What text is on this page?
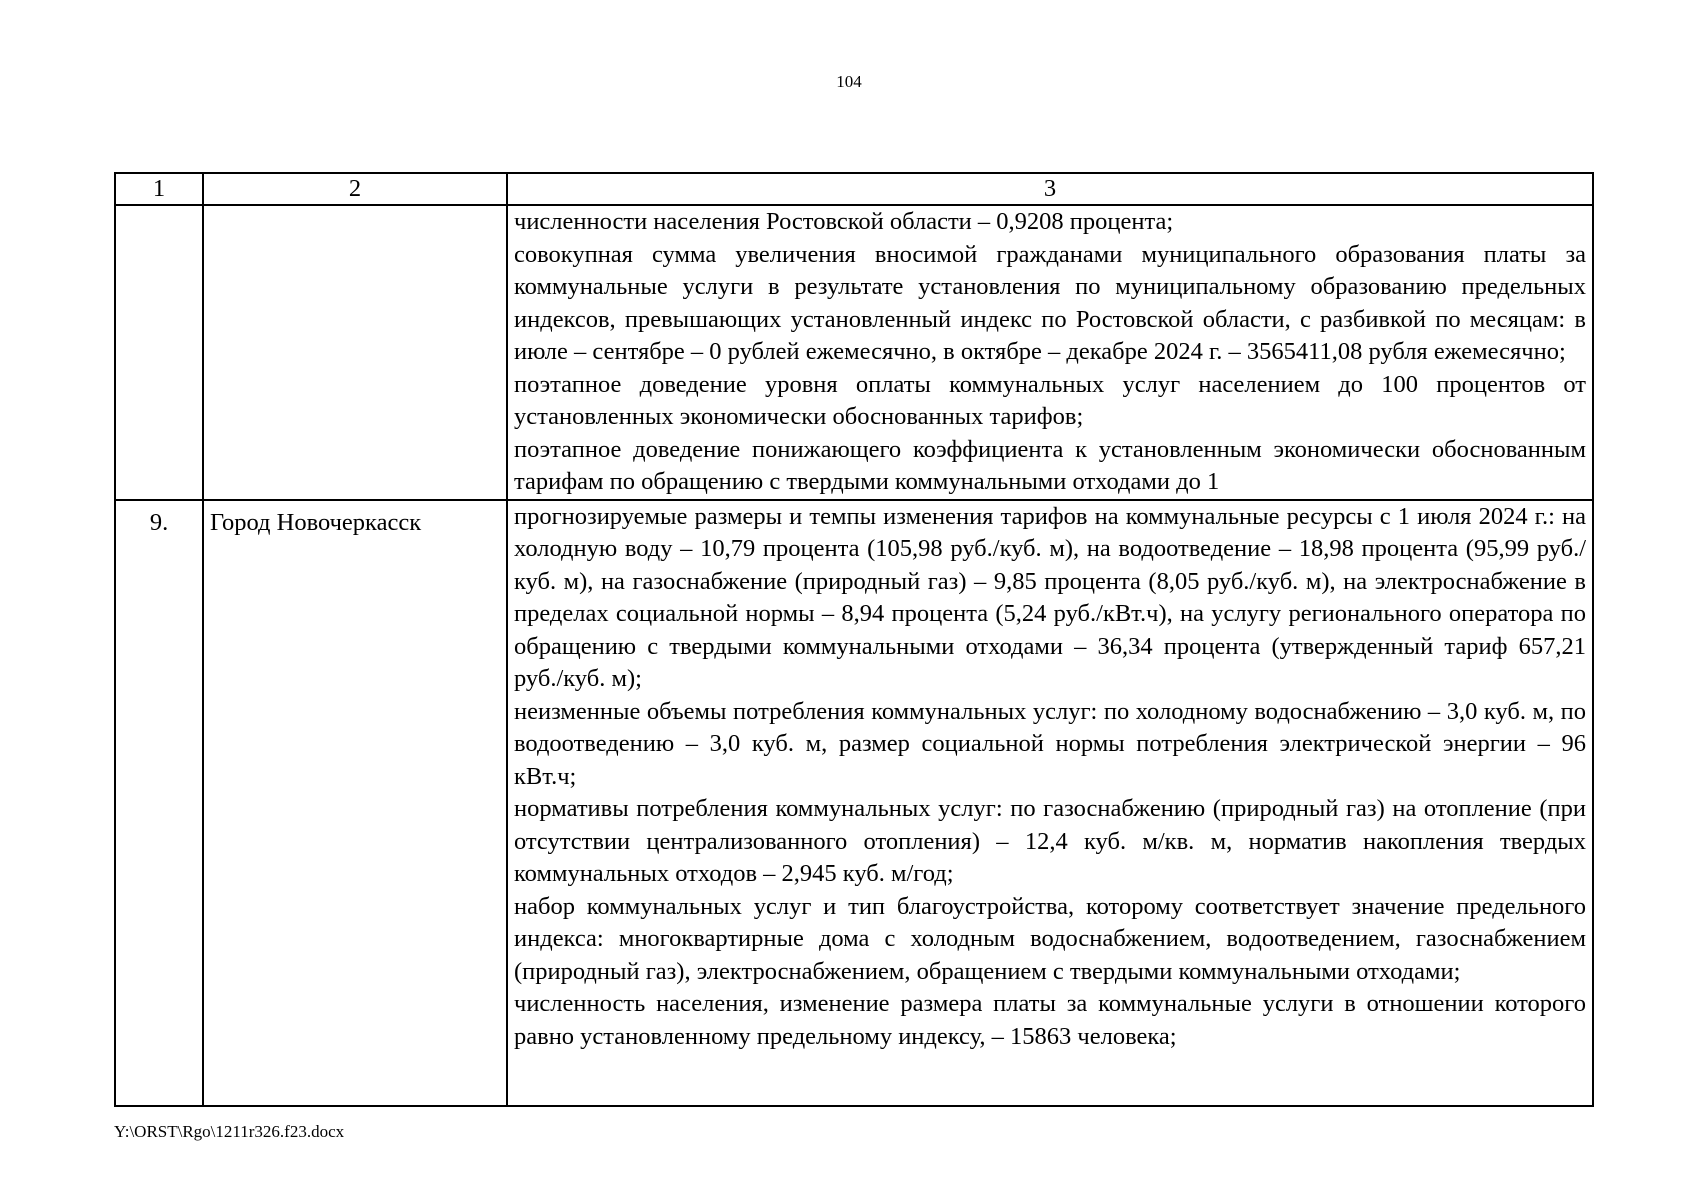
104
1	2	3

		численности населения Ростовской области – 0,9208 процента;

совокупная сумма увеличения вносимой гражданами муниципального образования платы за коммунальные услуги в результате установления по муниципальному образованию предельных индексов, превышающих установленный индекс по Ростовской области, с разбивкой по месяцам: в июле – сентябре – 0 рублей ежемесячно, в октябре – декабре 2024 г. – 3565411,08 рубля ежемесячно;

поэтапное доведение уровня оплаты коммунальных услуг населением до 100 процентов от установленных экономически обоснованных тарифов;

поэтапное доведение понижающего коэффициента к установленным экономически обоснованным тарифам по обращению с твердыми коммунальными отходами до 1

9.	Город Новочеркасск	прогнозируемые размеры и темпы изменения тарифов на коммунальные ресурсы с 1 июля 2024 г.: на холодную воду – 10,79 процента (105,98 руб./куб. м), на водоотведение – 18,98 процента (95,99 руб./куб. м), на газоснабжение (природный газ) – 9,85 процента (8,05 руб./куб. м), на электроснабжение в пределах социальной нормы – 8,94 процента (5,24 руб./кВт.ч), на услугу регионального оператора по обращению с твердыми коммунальными отходами – 36,34 процента (утвержденный тариф 657,21 руб./куб. м);

неизменные объемы потребления коммунальных услуг: по холодному водоснабжению – 3,0 куб. м, по водоотведению – 3,0 куб. м, размер социальной нормы потребления электрической энергии – 96 кВт.ч;

нормативы потребления коммунальных услуг: по газоснабжению (природный газ) на отопление (при отсутствии централизованного отопления) – 12,4 куб. м/кв. м, норматив накопления твердых коммунальных отходов – 2,945 куб. м/год;

набор коммунальных услуг и тип благоустройства, которому соответствует значение предельного индекса: многоквартирные дома с холодным водоснабжением, водоотведением, газоснабжением (природный газ), электроснабжением, обращением с твердыми коммунальными отходами;

численность населения, изменение размера платы за коммунальные услуги в отношении которого равно установленному предельному индексу, – 15863 человека;

Y:\ORST\Rgo\1211r326.f23.docx
